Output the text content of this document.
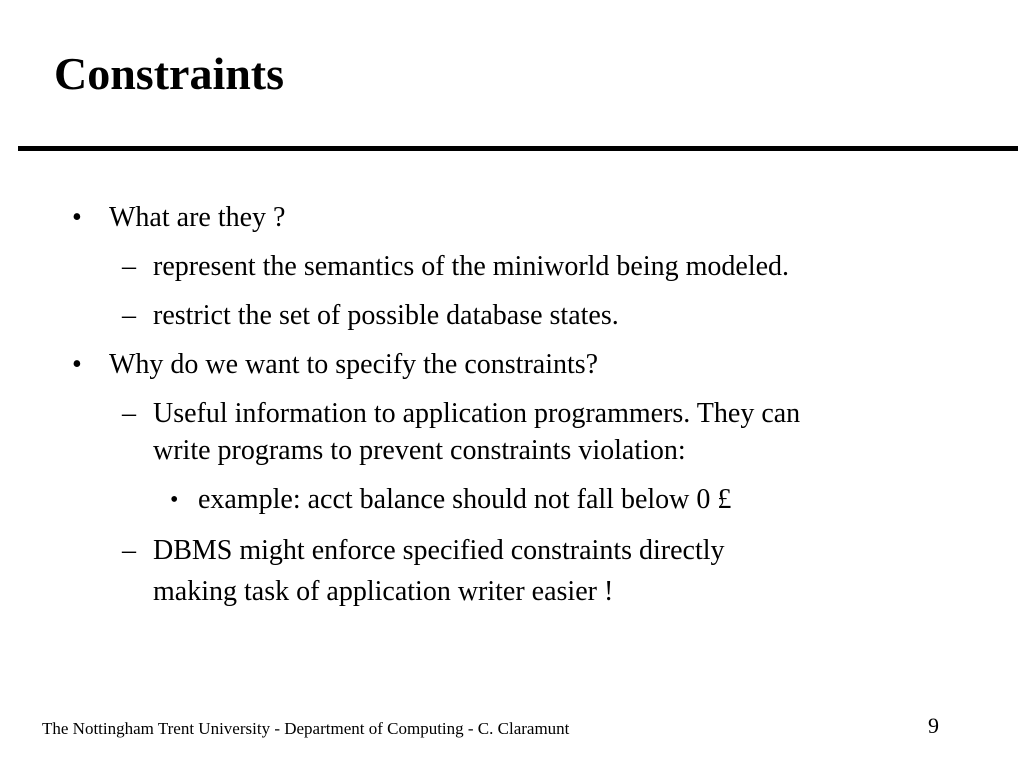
Constraints
• What are they ?
– represent the semantics of the miniworld being modeled.
– restrict the set of possible database states.
• Why do we want to specify the constraints?
– Useful information to application programmers. They can
write programs to prevent constraints violation:
• example: acct balance should not fall below 0 £
– DBMS might enforce specified constraints directly
making task of application writer easier !
The Nottingham Trent University - Department of Computing - C. Claramunt	9
